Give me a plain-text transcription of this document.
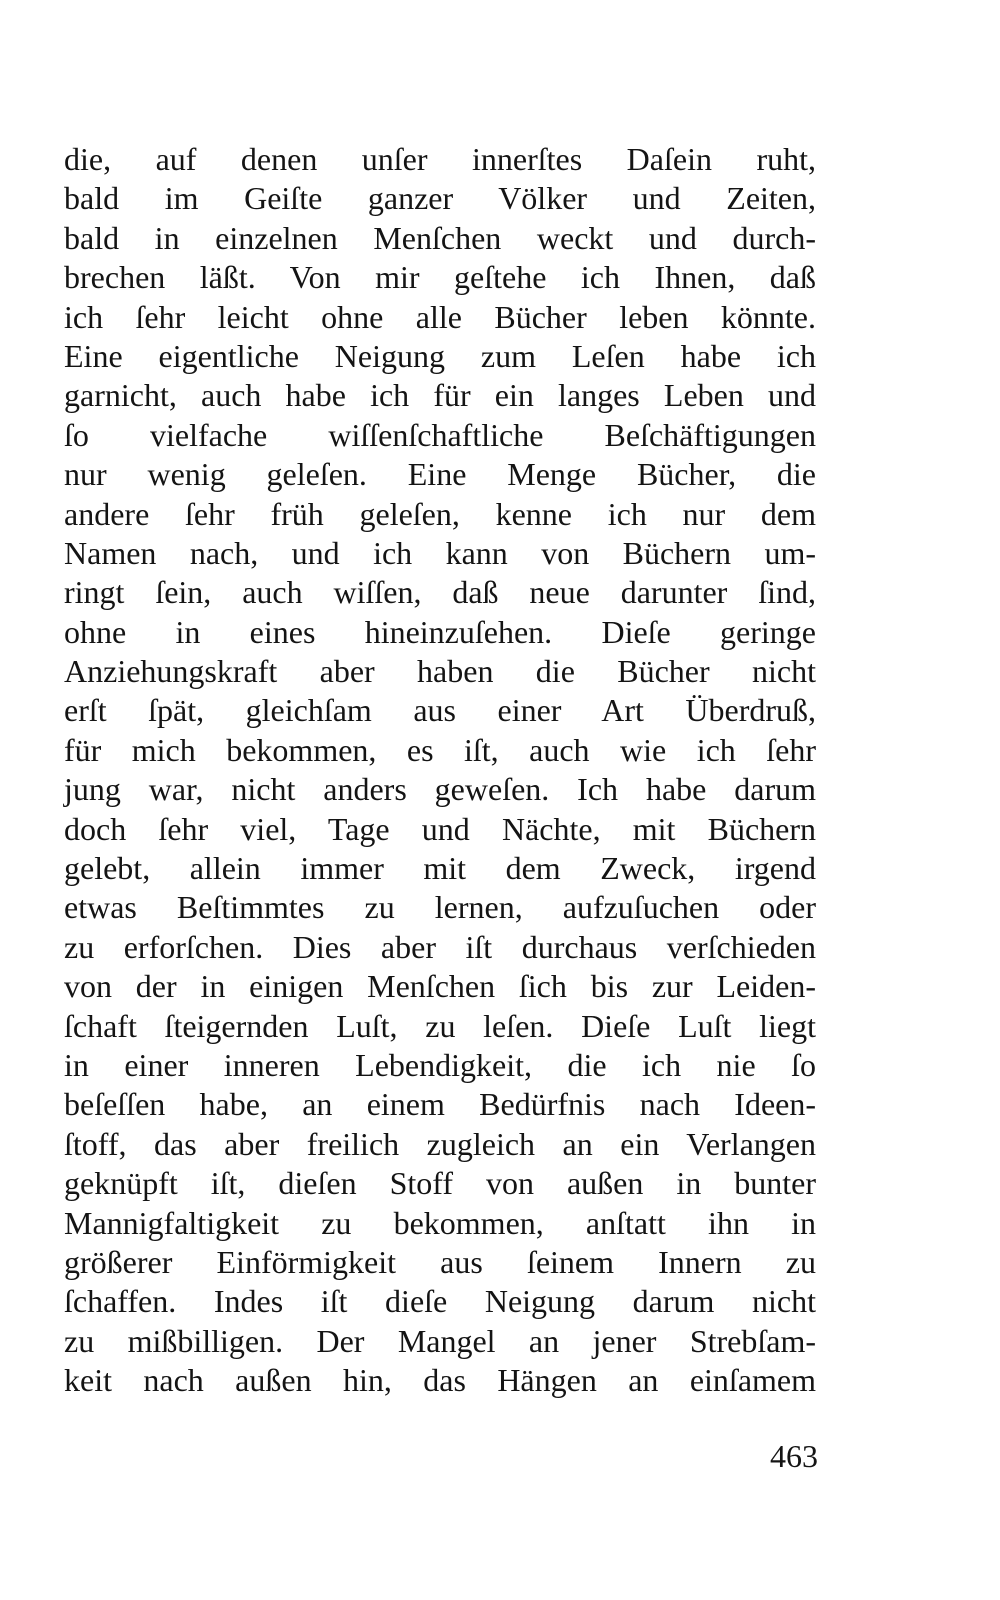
die, auf denen unſer innerſtes Daſein ruht,
bald im Geiſte ganzer Völker und Zeiten,
bald in einzelnen Menſchen weckt und durch-
brechen läßt. Von mir geſtehe ich Ihnen, daß
ich ſehr leicht ohne alle Bücher leben könnte.
Eine eigentliche Neigung zum Leſen habe ich
garnicht, auch habe ich für ein langes Leben und
ſo vielfache wiſſenſchaftliche Beſchäftigungen
nur wenig geleſen. Eine Menge Bücher, die
andere ſehr früh geleſen, kenne ich nur dem
Namen nach, und ich kann von Büchern um-
ringt ſein, auch wiſſen, daß neue darunter ſind,
ohne in eines hineinzuſehen. Dieſe geringe
Anziehungskraft aber haben die Bücher nicht
erſt ſpät, gleichſam aus einer Art Überdruß,
für mich bekommen, es iſt, auch wie ich ſehr
jung war, nicht anders geweſen. Ich habe darum
doch ſehr viel, Tage und Nächte, mit Büchern
gelebt, allein immer mit dem Zweck, irgend
etwas Beſtimmtes zu lernen, aufzuſuchen oder
zu erforſchen. Dies aber iſt durchaus verſchieden
von der in einigen Menſchen ſich bis zur Leiden-
ſchaft ſteigernden Luſt, zu leſen. Dieſe Luſt liegt
in einer inneren Lebendigkeit, die ich nie ſo
beſeſſen habe, an einem Bedürfnis nach Ideen-
ſtoff, das aber freilich zugleich an ein Verlangen
geknüpft iſt, dieſen Stoff von außen in bunter
Mannigfaltigkeit zu bekommen, anſtatt ihn in
größerer Einförmigkeit aus ſeinem Innern zu
ſchaffen. Indes iſt dieſe Neigung darum nicht
zu mißbilligen. Der Mangel an jener Strebſam-
keit nach außen hin, das Hängen an einſamem
463
